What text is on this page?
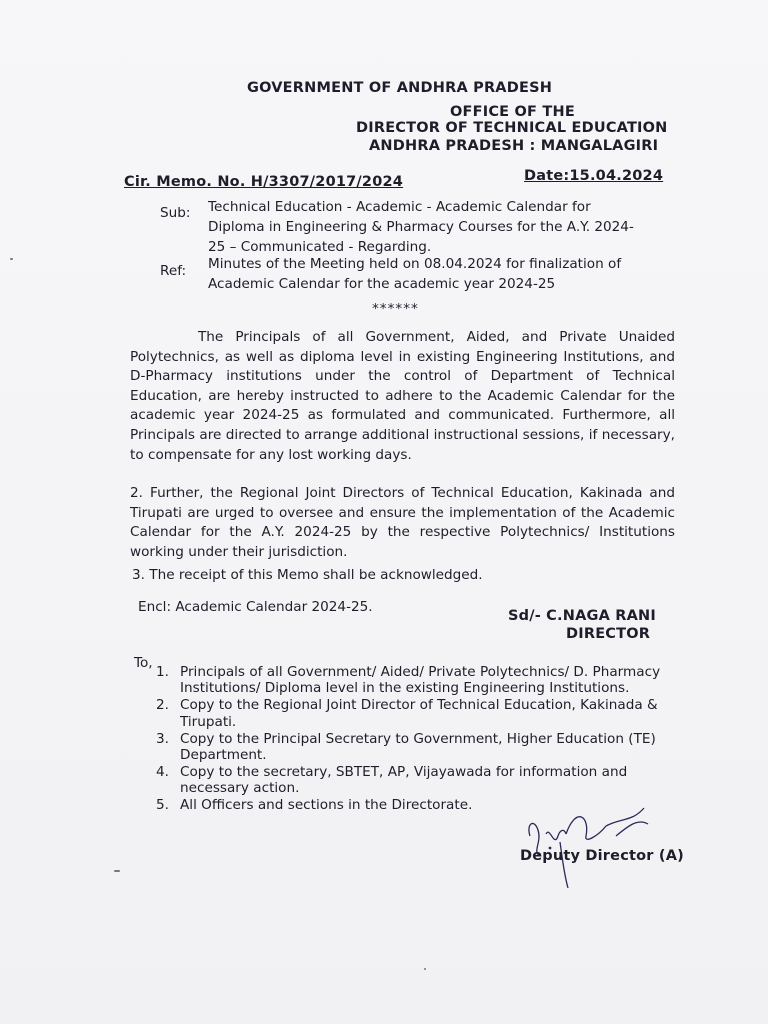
GOVERNMENT OF ANDHRA PRADESH
OFFICE OF THE
DIRECTOR OF TECHNICAL EDUCATION
ANDHRA PRADESH : MANGALAGIRI
Cir. Memo. No. H/3307/2017/2024	Date:15.04.2024
Sub: Technical Education - Academic - Academic Calendar for
Diploma in Engineering & Pharmacy Courses for the A.Y. 2024-
25 – Communicated - Regarding.
Ref: Minutes of the Meeting held on 08.04.2024 for finalization of
Academic Calendar for the academic year 2024-25
******

The Principals of all Government, Aided, and Private Unaided Polytechnics, as well as diploma level in existing Engineering Institutions, and D-Pharmacy institutions under the control of Department of Technical Education, are hereby instructed to adhere to the Academic Calendar for the academic year 2024-25 as formulated and communicated. Furthermore, all Principals are directed to arrange additional instructional sessions, if necessary, to compensate for any lost working days.

2. Further, the Regional Joint Directors of Technical Education, Kakinada and Tirupati are urged to oversee and ensure the implementation of the Academic Calendar for the A.Y. 2024-25 by the respective Polytechnics/ Institutions working under their jurisdiction.

3. The receipt of this Memo shall be acknowledged.
Encl: Academic Calendar 2024-25.
Sd/- C.NAGA RANI
DIRECTOR
To,
1. Principals of all Government/ Aided/ Private Polytechnics/ D. Pharmacy Institutions/ Diploma level in the existing Engineering Institutions.
2. Copy to the Regional Joint Director of Technical Education, Kakinada & Tirupati.
3. Copy to the Principal Secretary to Government, Higher Education (TE) Department.
4. Copy to the secretary, SBTET, AP, Vijayawada for information and necessary action.
5. All Officers and sections in the Directorate.
Deputy Director (A)
